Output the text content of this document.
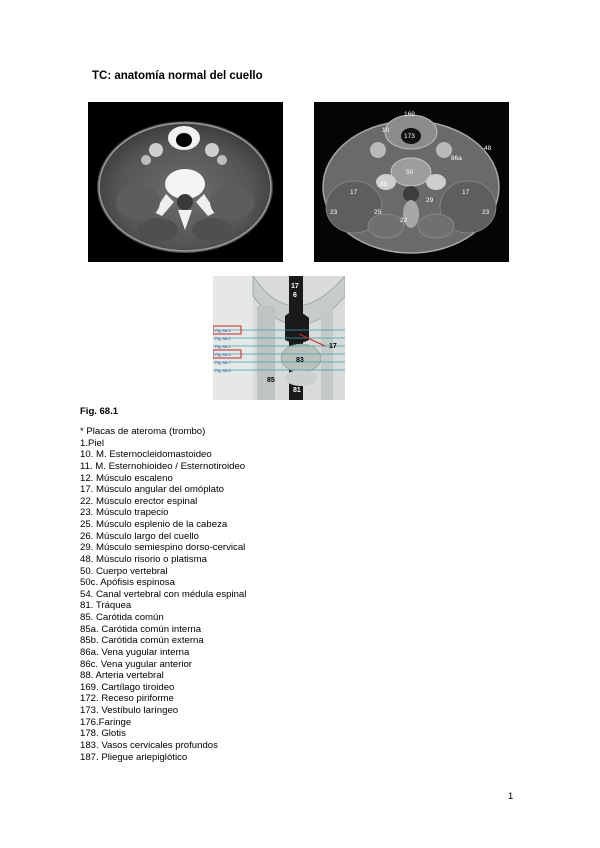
TC: anatomía normal del cuello
169
173
10
86a
17	17
50
88
22
23	23
25
29
48
Fig. 68.3
Fig. 68.2
Fig. 68.1
Fig. 68.5
Fig. 68.7
Fig. 68.5
17
6
17
83
85
81
Fig. 68.1
* Placas de ateroma (trombo)
1.Piel
10. M. Esternocleidomastoideo
11. M. Esternohioideo / Esternotiroideo
12. Músculo escaleno
17. Músculo angular del omóplato
22. Músculo erector espinal
23. Músculo trapecio
25. Músculo esplenio de la cabeza
26. Músculo largo del cuello
29. Músculo semiespino dorso-cervical
48. Músculo risorio o platisma
50. Cuerpo vertebral
50c. Apófisis espinosa
54. Canal vertebral con médula espinal
81. Tráquea
85. Carótida común
85a. Carótida común interna
85b. Carótida común externa
86a. Vena yugular interna
86c. Vena yugular anterior
88. Arteria vertebral
169. Cartílago tiroideo
172. Receso piriforme
173. Vestíbulo laríngeo
176.Faringe
178. Glotis
183. Vasos cervicales profundos
187. Pliegue ariepiglótico
1
